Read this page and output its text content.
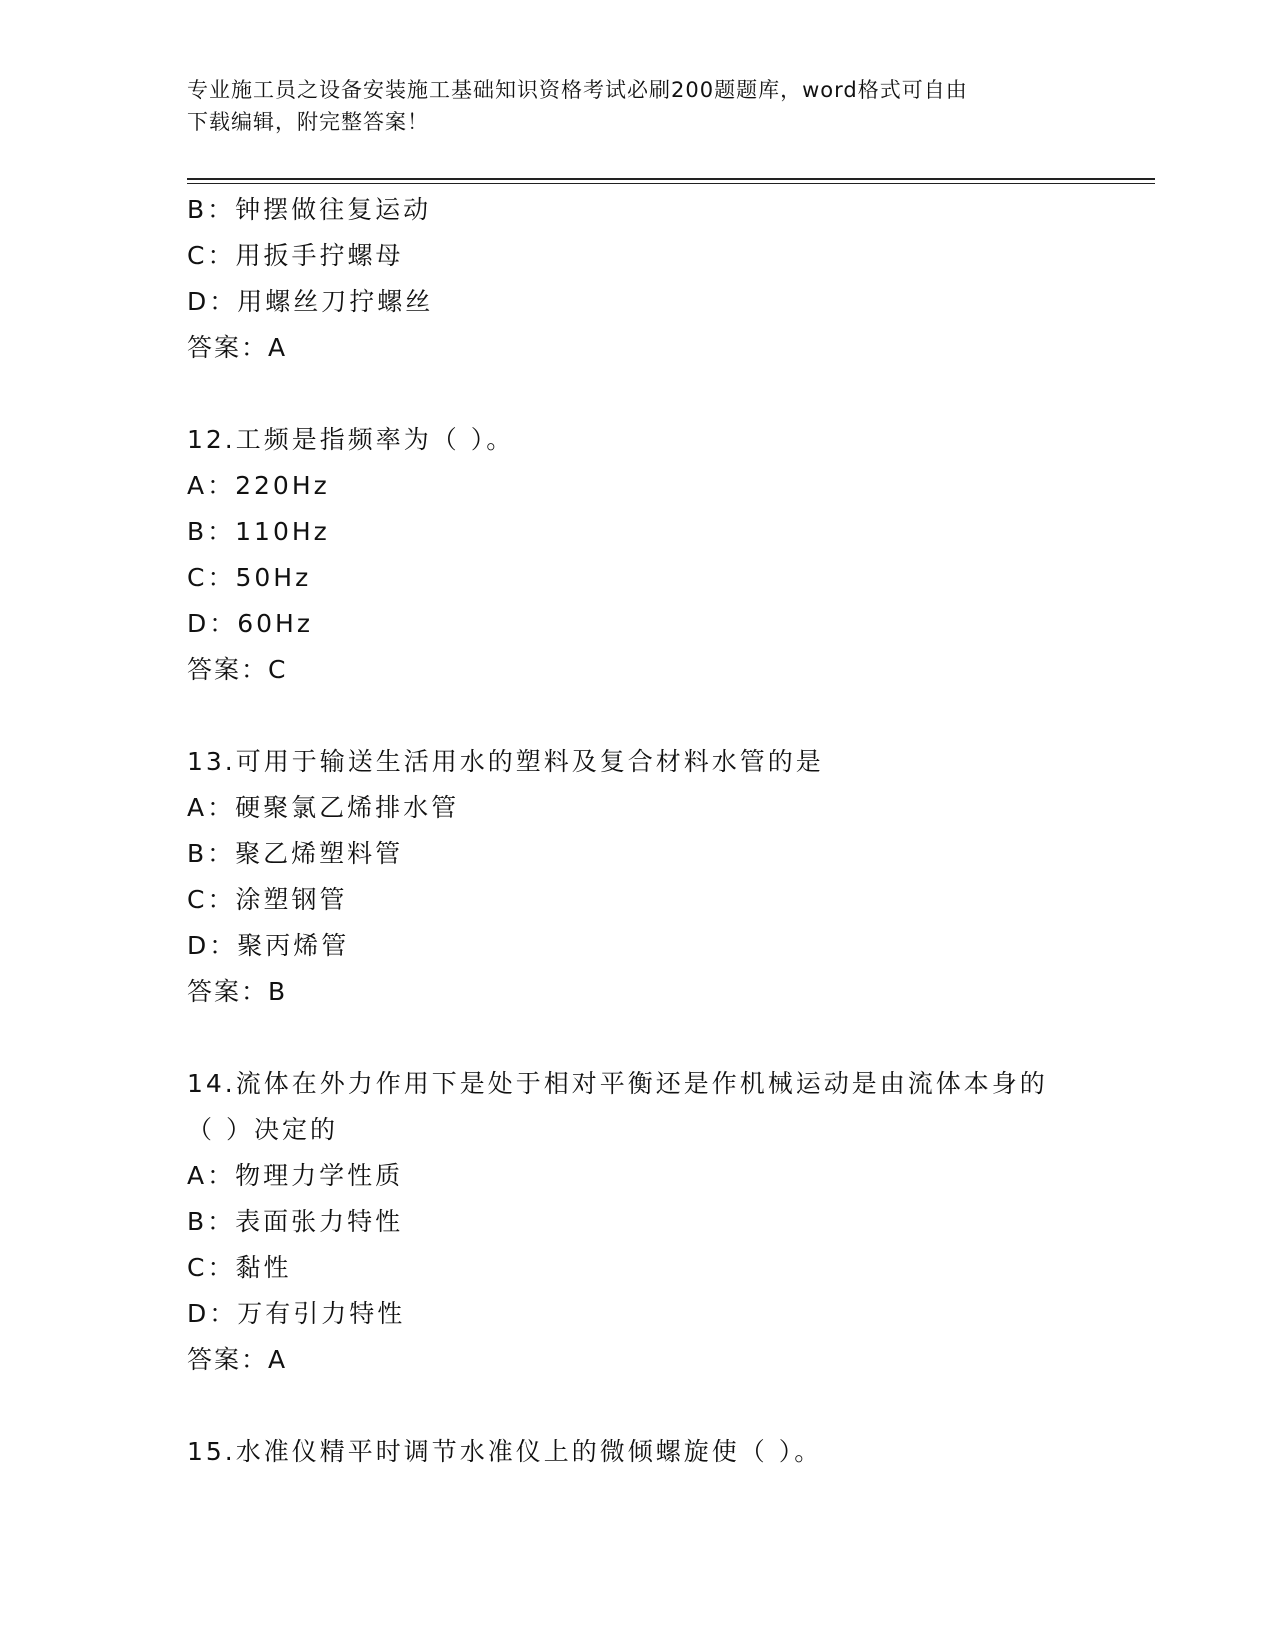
专业施工员之设备安装施工基础知识资格考试必刷200题题库，word格式可自由
下载编辑，附完整答案！
B：钟摆做往复运动
C：用扳手拧螺母
D：用螺丝刀拧螺丝
答案：A
12.工频是指频率为（ ）。
A：220Hz
B：110Hz
C：50Hz
D：60Hz
答案：C
13.可用于输送生活用水的塑料及复合材料水管的是
A：硬聚氯乙烯排水管
B：聚乙烯塑料管
C：涂塑钢管
D：聚丙烯管
答案：B
14.流体在外力作用下是处于相对平衡还是作机械运动是由流体本身的
（ ）决定的
A：物理力学性质
B：表面张力特性
C：黏性
D：万有引力特性
答案：A
15.水准仪精平时调节水准仪上的微倾螺旋使（ ）。
